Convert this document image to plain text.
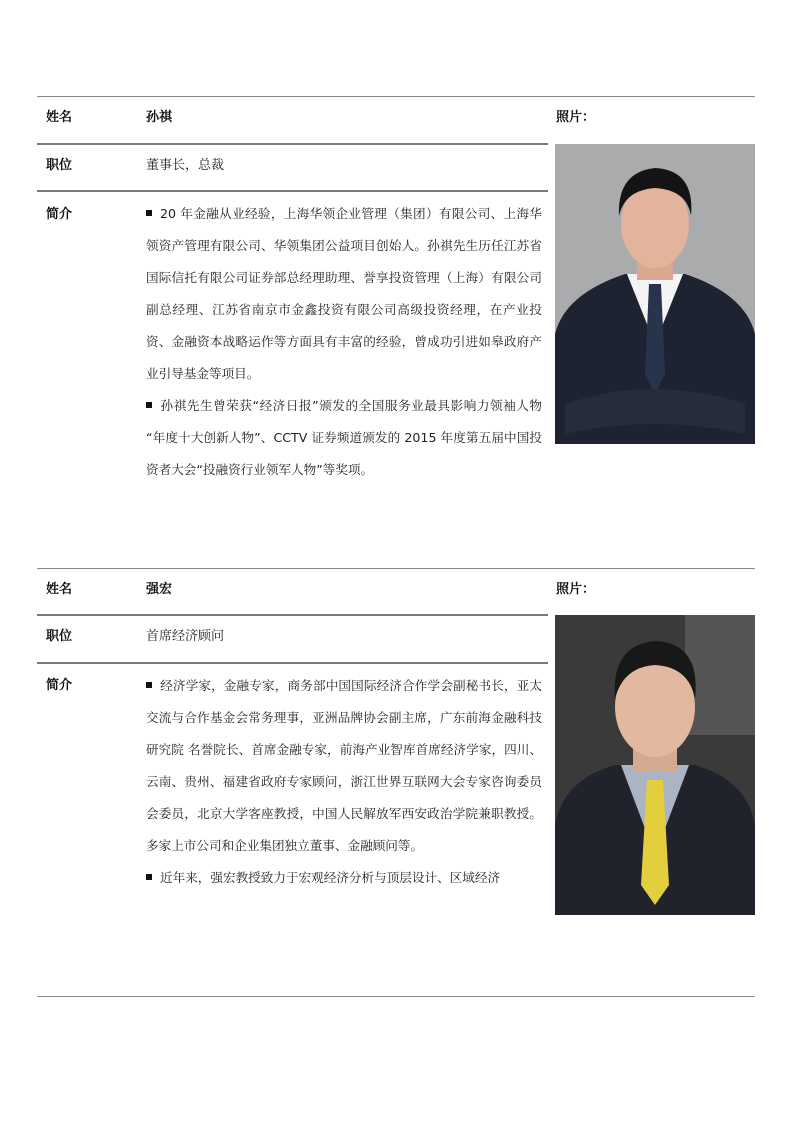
姓名	孙祺	照片：
职位	董事长，总裁
简介	20 年金融从业经验，上海华领企业管理（集团）有限公司、上海华领资产管理有限公司、华领集团公益项目创始人。孙祺先生历任江苏省国际信托有限公司证券部总经理助理、誉享投资管理（上海）有限公司副总经理、江苏省南京市金鑫投资有限公司高级投资经理，在产业投资、金融资本战略运作等方面具有丰富的经验，曾成功引进如皋政府产业引导基金等项目。

孙祺先生曾荣获“经济日报”颁发的全国服务业最具影响力领袖人物 “年度十大创新人物”、CCTV 证券频道颁发的 2015 年度第五届中国投资者大会“投融资行业领军人物”等奖项。

姓名	强宏	照片：
职位	首席经济顾问
简介	经济学家，金融专家，商务部中国国际经济合作学会副秘书长，亚太交流与合作基金会常务理事，亚洲品牌协会副主席，广东前海金融科技研究院 名誉院长、首席金融专家，前海产业智库首席经济学家，四川、云南、贵州、福建省政府专家顾问，浙江世界互联网大会专家咨询委员会委员，北京大学客座教授，中国人民解放军西安政治学院兼职教授。多家上市公司和企业集团独立董事、金融顾问等。

近年来，强宏教授致力于宏观经济分析与顶层设计、区域经济
